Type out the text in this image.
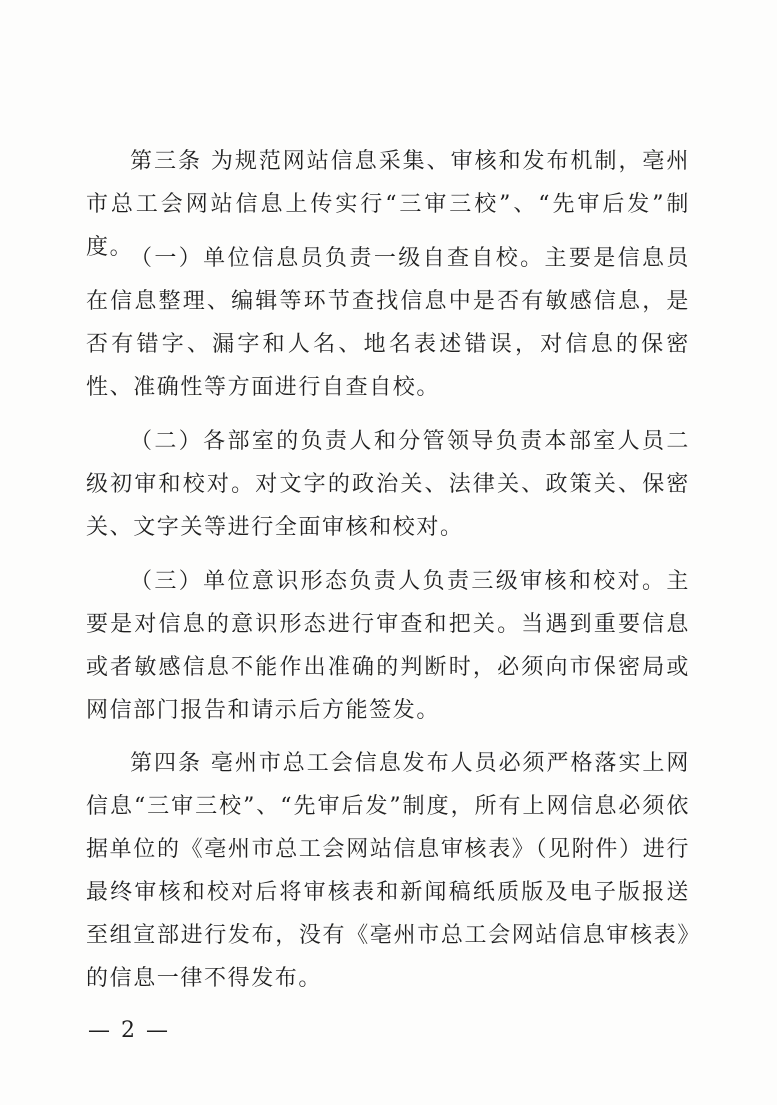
第三条 为规范网站信息采集、审核和发布机制，亳州市总工会网站信息上传实行“三审三校”、“先审后发”制度。

（一）单位信息员负责一级自查自校。主要是信息员在信息整理、编辑等环节查找信息中是否有敏感信息，是否有错字、漏字和人名、地名表述错误，对信息的保密性、准确性等方面进行自查自校。

（二）各部室的负责人和分管领导负责本部室人员二级初审和校对。对文字的政治关、法律关、政策关、保密关、文字关等进行全面审核和校对。

（三）单位意识形态负责人负责三级审核和校对。主要是对信息的意识形态进行审查和把关。当遇到重要信息或者敏感信息不能作出准确的判断时，必须向市保密局或网信部门报告和请示后方能签发。

第四条 亳州市总工会信息发布人员必须严格落实上网信息“三审三校”、“先审后发”制度，所有上网信息必须依据单位的《亳州市总工会网站信息审核表》（见附件）进行最终审核和校对后将审核表和新闻稿纸质版及电子版报送至组宣部进行发布，没有《亳州市总工会网站信息审核表》的信息一律不得发布。

— 2 —
